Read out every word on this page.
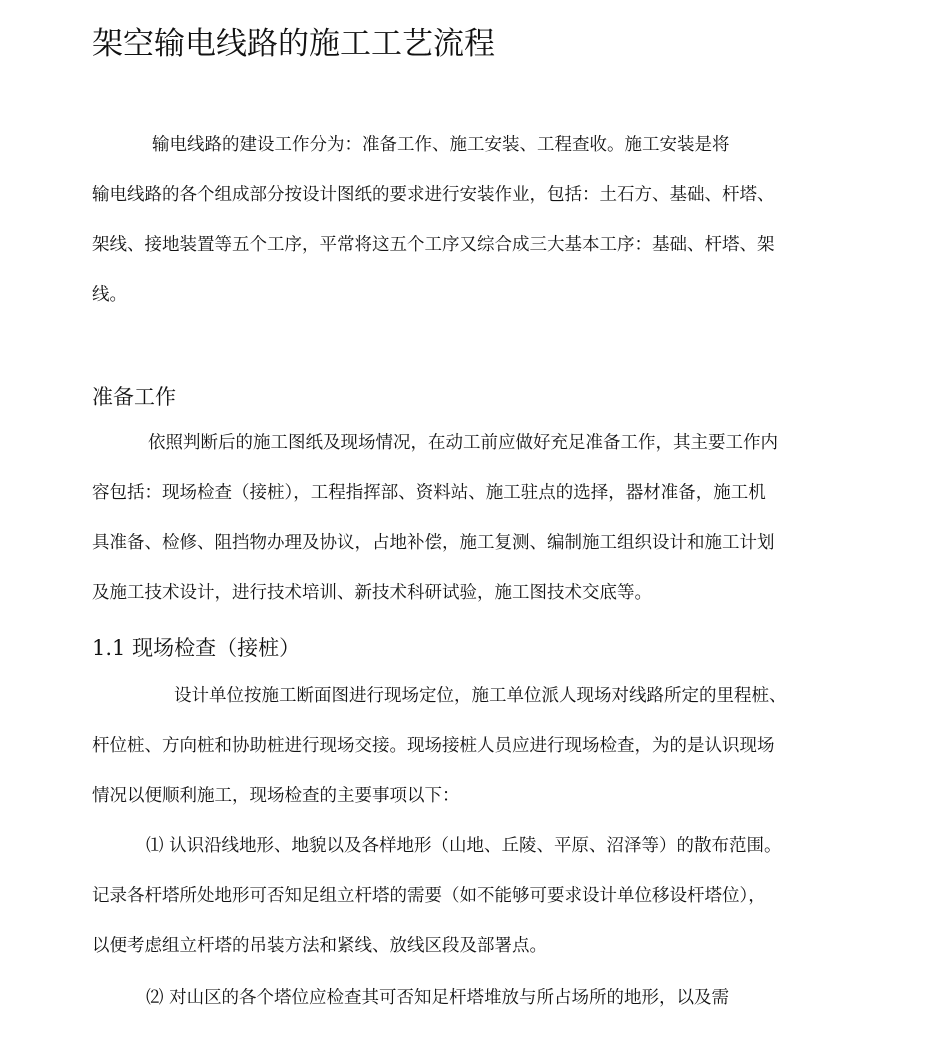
架空输电线路的施工工艺流程

输电线路的建设工作分为：准备工作、施工安装、工程查收。施工安装是将

输电线路的各个组成部分按设计图纸的要求进行安装作业，包括：土石方、基础、杆塔、

架线、接地装置等五个工序，平常将这五个工序又综合成三大基本工序：基础、杆塔、架

线。

准备工作

依照判断后的施工图纸及现场情况，在动工前应做好充足准备工作，其主要工作内

容包括：现场检查（接桩），工程指挥部、资料站、施工驻点的选择，器材准备，施工机

具准备、检修、阻挡物办理及协议，占地补偿，施工复测、编制施工组织设计和施工计划

及施工技术设计，进行技术培训、新技术科研试验，施工图技术交底等。

1.1 现场检查（接桩）

设计单位按施工断面图进行现场定位，施工单位派人现场对线路所定的里程桩、

杆位桩、方向桩和协助桩进行现场交接。现场接桩人员应进行现场检查，为的是认识现场

情况以便顺利施工，现场检查的主要事项以下：

⑴ 认识沿线地形、地貌以及各样地形（山地、丘陵、平原、沼泽等）的散布范围。

记录各杆塔所处地形可否知足组立杆塔的需要（如不能够可要求设计单位移设杆塔位），

以便考虑组立杆塔的吊装方法和紧线、放线区段及部署点。

⑵ 对山区的各个塔位应检查其可否知足杆塔堆放与所占场所的地形，以及需
